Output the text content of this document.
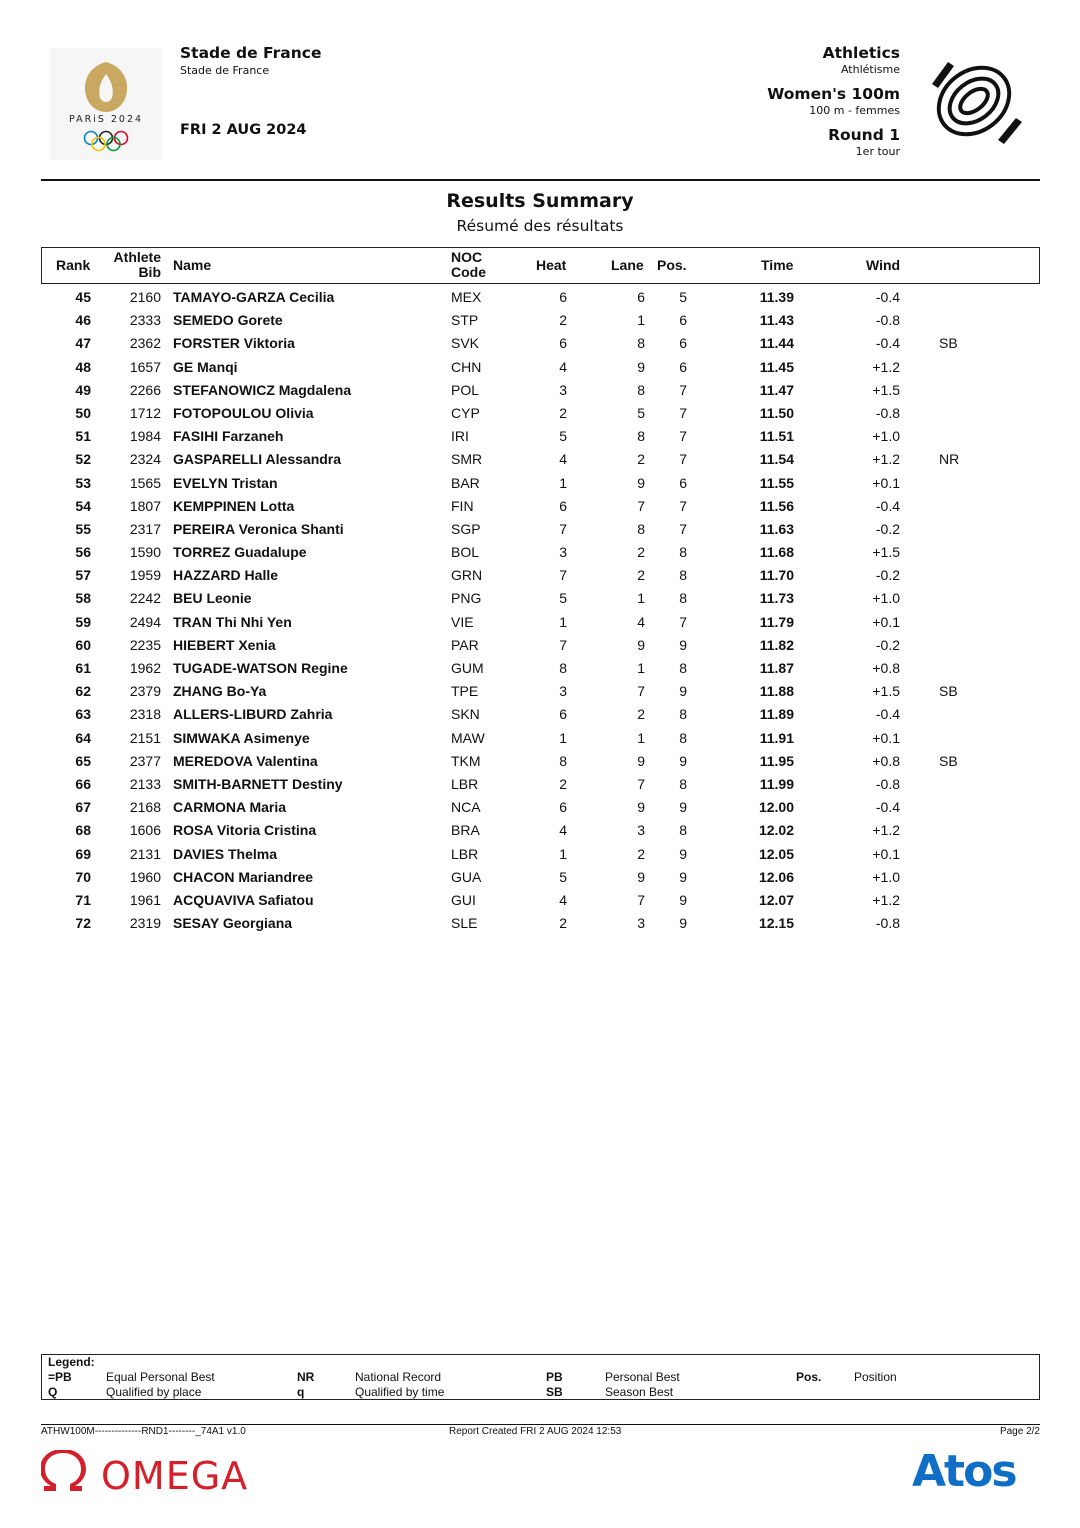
PARiS 2024
Stade de France
Stade de France
FRI 2 AUG 2024
Athletics
Athlétisme
Women's 100m
100 m - femmes
Round 1
1er tour
Results Summary
Résumé des résultats
Rank Athlete
Bib Name	NOC
Code	Heat	Lane Pos.	Time	Wind
45	2160 TAMAYO-GARZA Cecilia	MEX	6	6 5	11.39	-0.4
46	2333 SEMEDO Gorete	STP	2	1 6	11.43	-0.8
47	2362 FORSTER Viktoria	SVK	6	8 6	11.44	-0.4	SB
48	1657 GE Manqi	CHN	4	9 6	11.45	+1.2
49	2266 STEFANOWICZ Magdalena	POL	3	8 7	11.47	+1.5
50	1712 FOTOPOULOU Olivia	CYP	2	5 7	11.50	-0.8
51	1984 FASIHI Farzaneh	IRI	5	8 7	11.51	+1.0
52	2324 GASPARELLI Alessandra	SMR	4	2 7	11.54	+1.2	NR
53	1565 EVELYN Tristan	BAR	1	9 6	11.55	+0.1
54	1807 KEMPPINEN Lotta	FIN	6	7 7	11.56	-0.4
55	2317 PEREIRA Veronica Shanti	SGP	7	8 7	11.63	-0.2
56	1590 TORREZ Guadalupe	BOL	3	2 8	11.68	+1.5
57	1959 HAZZARD Halle	GRN	7	2 8	11.70	-0.2
58	2242 BEU Leonie	PNG	5	1 8	11.73	+1.0
59	2494 TRAN Thi Nhi Yen	VIE	1	4 7	11.79	+0.1
60	2235 HIEBERT Xenia	PAR	7	9 9	11.82	-0.2
61	1962 TUGADE-WATSON Regine	GUM	8	1 8	11.87	+0.8
62	2379 ZHANG Bo-Ya	TPE	3	7 9	11.88	+1.5	SB
63	2318 ALLERS-LIBURD Zahria	SKN	6	2 8	11.89	-0.4
64	2151 SIMWAKA Asimenye	MAW	1	1 8	11.91	+0.1
65	2377 MEREDOVA Valentina	TKM	8	9 9	11.95	+0.8	SB
66	2133 SMITH-BARNETT Destiny	LBR	2	7 8	11.99	-0.8
67	2168 CARMONA Maria	NCA	6	9 9	12.00	-0.4
68	1606 ROSA Vitoria Cristina	BRA	4	3 8	12.02	+1.2
69	2131 DAVIES Thelma	LBR	1	2 9	12.05	+0.1
70	1960 CHACON Mariandree	GUA	5	9 9	12.06	+1.0
71	1961 ACQUAVIVA Safiatou	GUI	4	7 9	12.07	+1.2
72	2319 SESAY Georgiana	SLE	2	3 9	12.15	-0.8
Legend:
=PB	Equal Personal Best	NR	National Record	PB	Personal Best	Pos.	Position
Q	Qualified by place	q	Qualified by time	SB	Season Best
ATHW100M--------------RND1--------_74A1 v1.0	Report Created FRI 2 AUG 2024 12:53	Page 2/2
OMEGA	Atos
